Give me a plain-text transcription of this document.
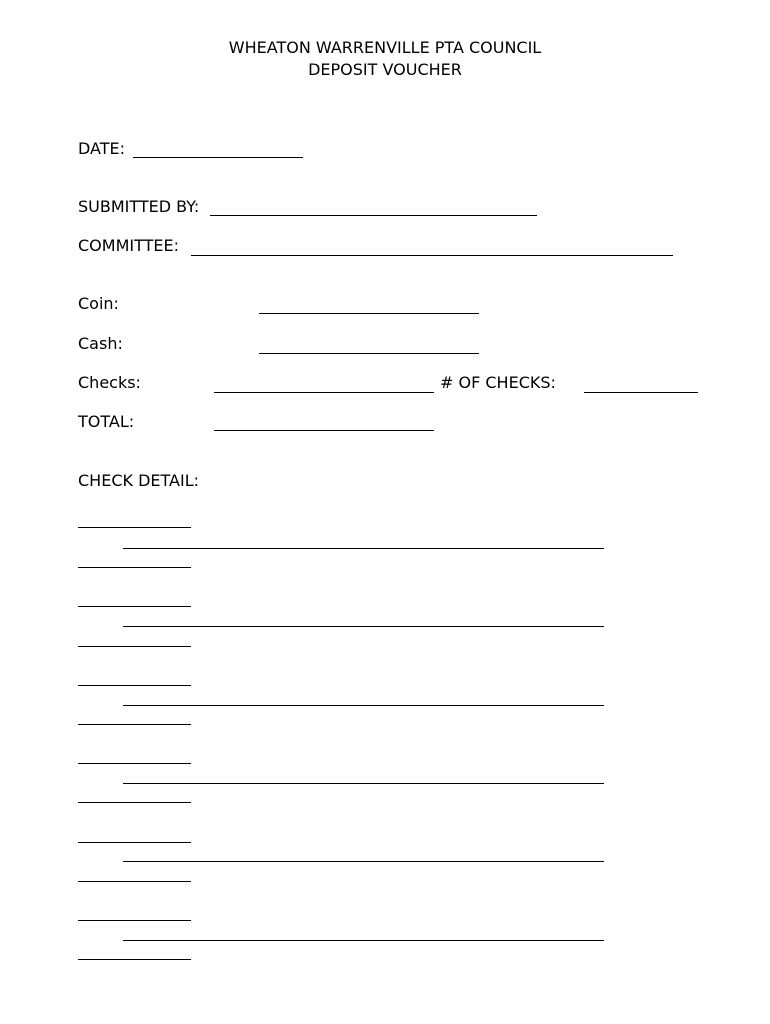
WHEATON WARRENVILLE PTA COUNCIL
DEPOSIT VOUCHER
DATE:
SUBMITTED BY:
COMMITTEE:
Coin:
Cash:
Checks:	# OF CHECKS:
TOTAL:
CHECK DETAIL:
